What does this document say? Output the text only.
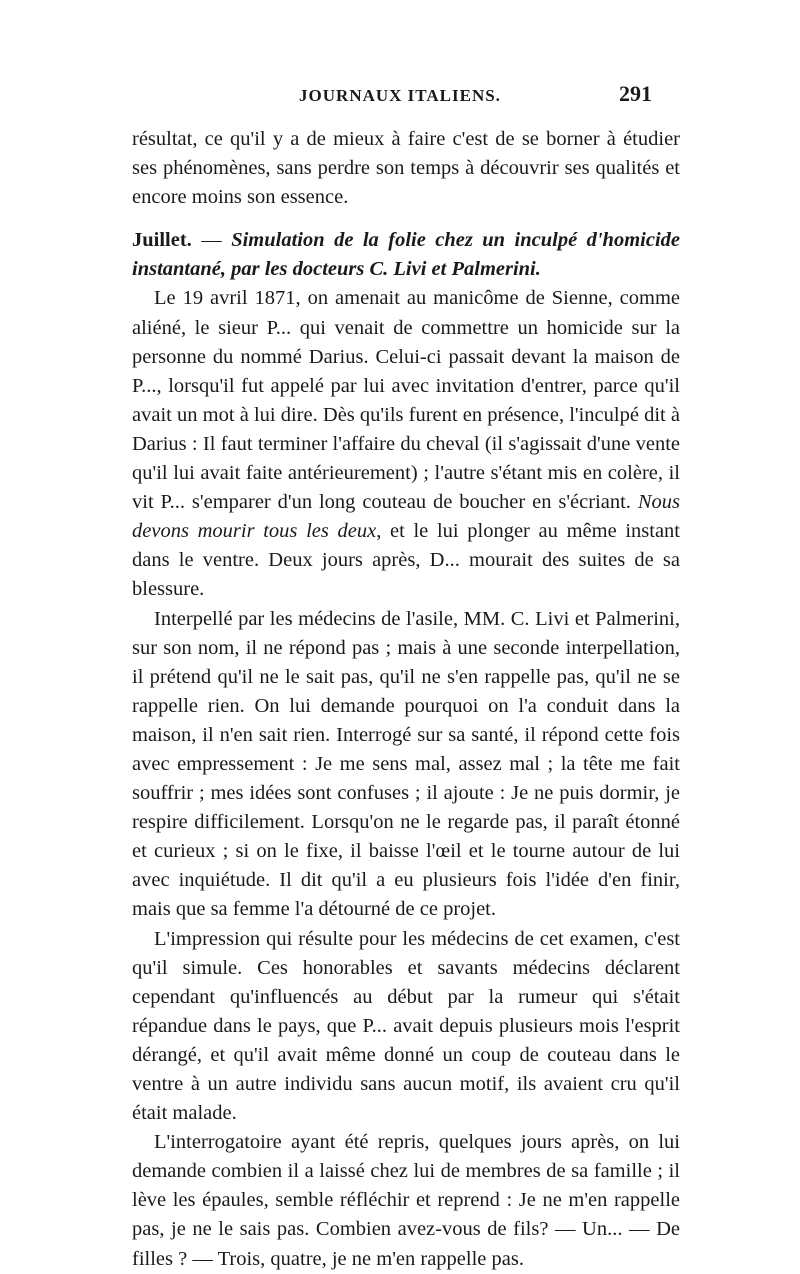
JOURNAUX ITALIENS.	291

résultat, ce qu'il y a de mieux à faire c'est de se borner à étudier ses phénomènes, sans perdre son temps à découvrir ses qualités et encore moins son essence.

Juillet. — Simulation de la folie chez un inculpé d'homicide instantané, par les docteurs C. Livi et Palmerini.

Le 19 avril 1871, on amenait au manicôme de Sienne, comme aliéné, le sieur P... qui venait de commettre un homicide sur la personne du nommé Darius. Celui-ci passait devant la maison de P..., lorsqu'il fut appelé par lui avec invitation d'entrer, parce qu'il avait un mot à lui dire. Dès qu'ils furent en présence, l'inculpé dit à Darius : Il faut terminer l'affaire du cheval (il s'agissait d'une vente qu'il lui avait faite antérieurement) ; l'autre s'étant mis en colère, il vit P... s'emparer d'un long couteau de boucher en s'écriant. Nous devons mourir tous les deux, et le lui plonger au même instant dans le ventre. Deux jours après, D... mourait des suites de sa blessure.

Interpellé par les médecins de l'asile, MM. C. Livi et Palmerini, sur son nom, il ne répond pas ; mais à une seconde interpellation, il prétend qu'il ne le sait pas, qu'il ne s'en rappelle pas, qu'il ne se rappelle rien. On lui demande pourquoi on l'a conduit dans la maison, il n'en sait rien. Interrogé sur sa santé, il répond cette fois avec empressement : Je me sens mal, assez mal ; la tête me fait souffrir ; mes idées sont confuses ; il ajoute : Je ne puis dormir, je respire difficilement. Lorsqu'on ne le regarde pas, il paraît étonné et curieux ; si on le fixe, il baisse l'œil et le tourne autour de lui avec inquiétude. Il dit qu'il a eu plusieurs fois l'idée d'en finir, mais que sa femme l'a détourné de ce projet.

L'impression qui résulte pour les médecins de cet examen, c'est qu'il simule. Ces honorables et savants médecins déclarent cependant qu'influencés au début par la rumeur qui s'était répandue dans le pays, que P... avait depuis plusieurs mois l'esprit dérangé, et qu'il avait même donné un coup de couteau dans le ventre à un autre individu sans aucun motif, ils avaient cru qu'il était malade.

L'interrogatoire ayant été repris, quelques jours après, on lui demande combien il a laissé chez lui de membres de sa famille ; il lève les épaules, semble réfléchir et reprend : Je ne m'en rappelle pas, je ne le sais pas. Combien avez-vous de fils? — Un... — De filles ? — Trois, quatre, je ne m'en rappelle pas.
